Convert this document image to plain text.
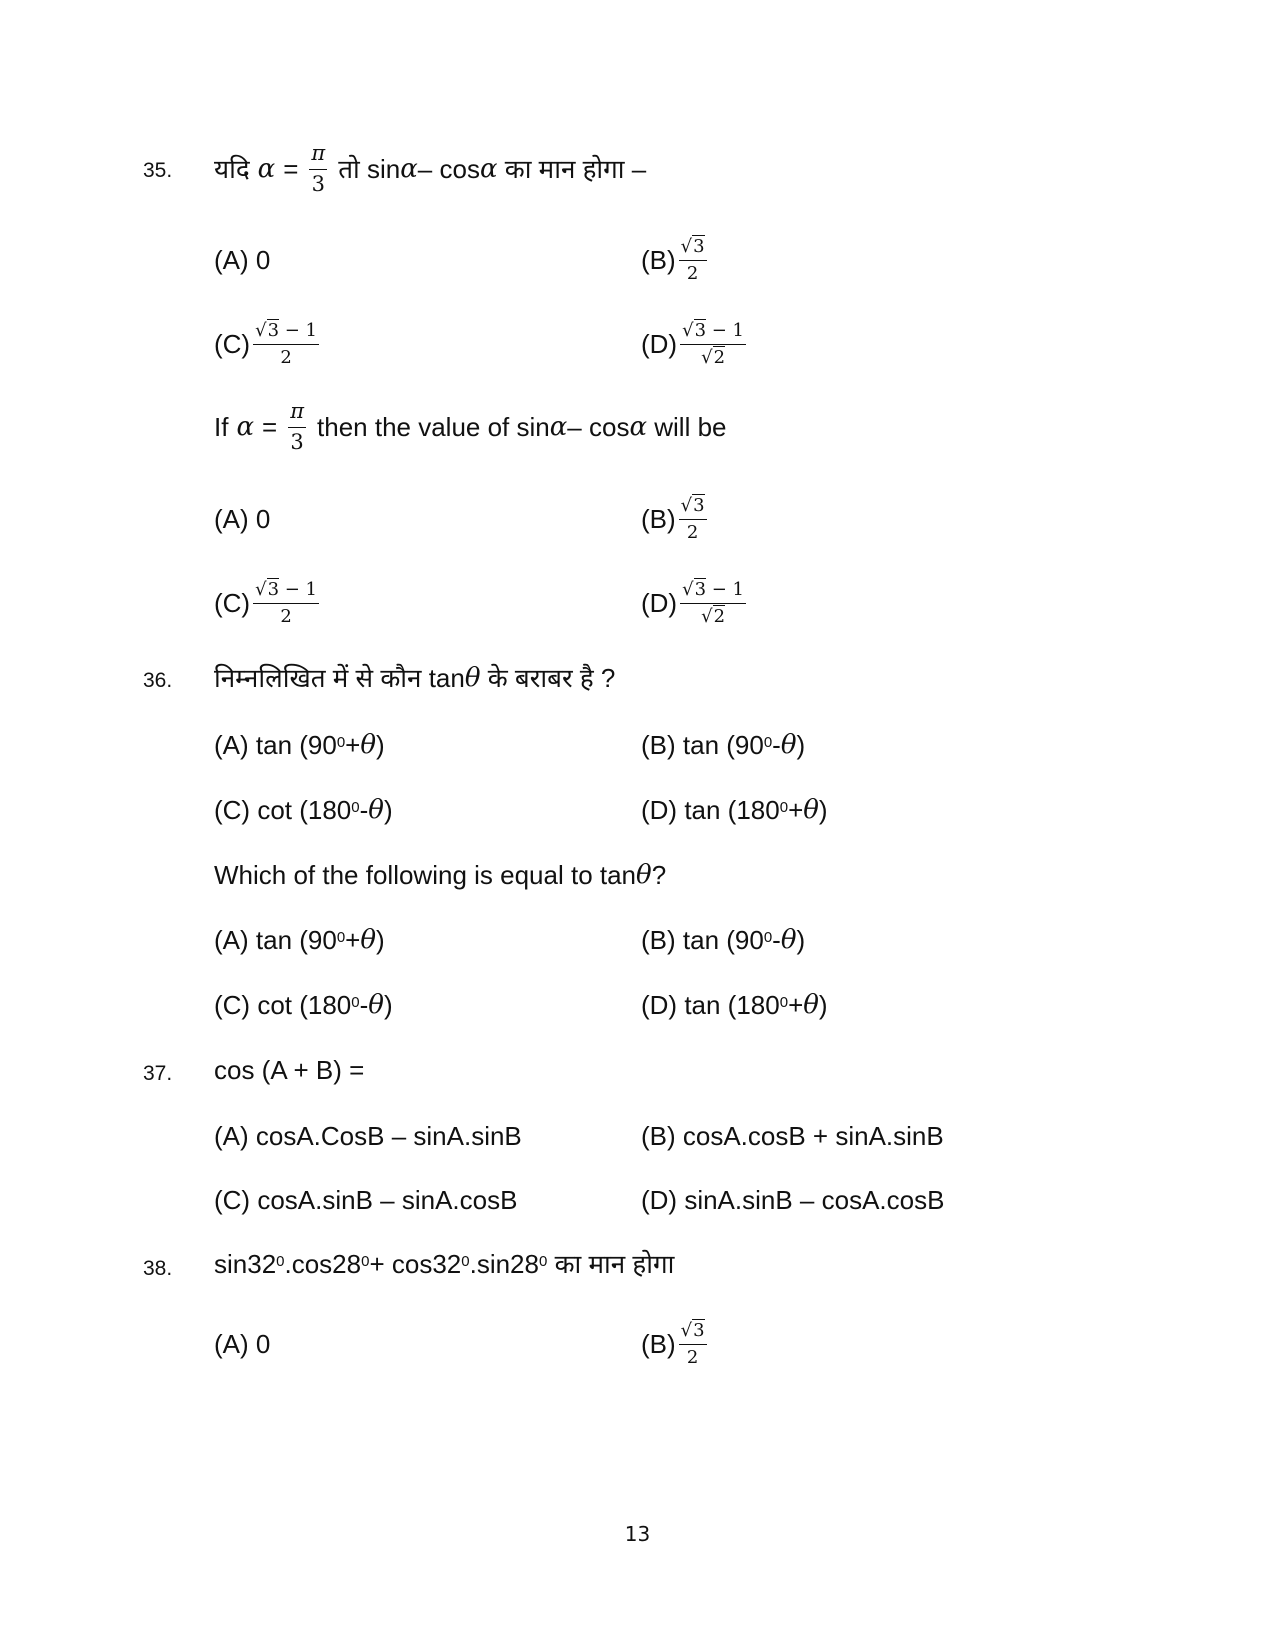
35. यदि $\alpha = \frac{\pi}{3}$ तो
sin α – cos α
का मान होगा –
(A) 0	$(B) \frac{√3}{2}$
$(C) \frac{√3 - 1}{2}$	$(D) \frac{√3 - 1}{√2}$
If $\alpha = \frac{\pi}{3}$ then the value of sin α – cos α
will be
(A) 0	$(B) \frac{√3}{2}$
$(C) \frac{√3 - 1}{2}$	$(D) \frac{√3 - 1}{√2}$
36. निम्नलिखित में से कौन tan θ
के बराबर है ?
(A) $\tan (90^0 + \theta$ )	(B) $\tan (90^0$ - θ )
(C) $\cot (180^0$ - θ )	(D) $\tan (180^0 + \theta$ )
Which of the following is equal to tan θ ?
(A) $\tan (90^0 + \theta$ )	(B) $\tan (90^0$ - θ )
(C) $\cot (180^0$ - θ )	(D) $\tan (180^0 + \theta$ )
37. cos (A + B) =
(A) cosA.CosB – sinA.sinB	(B) cosA.cosB + sinA.sinB
(C) cosA.sinB – sinA.cosB	(D) sinA.sinB – cosA.cosB
38. $\sin 32^0$ $.\cos 28^0 + \cos 32^0$ $.\sin 28^0$
का मान होगा
(A) 0	$(B) \frac{√3}{2}$
13
